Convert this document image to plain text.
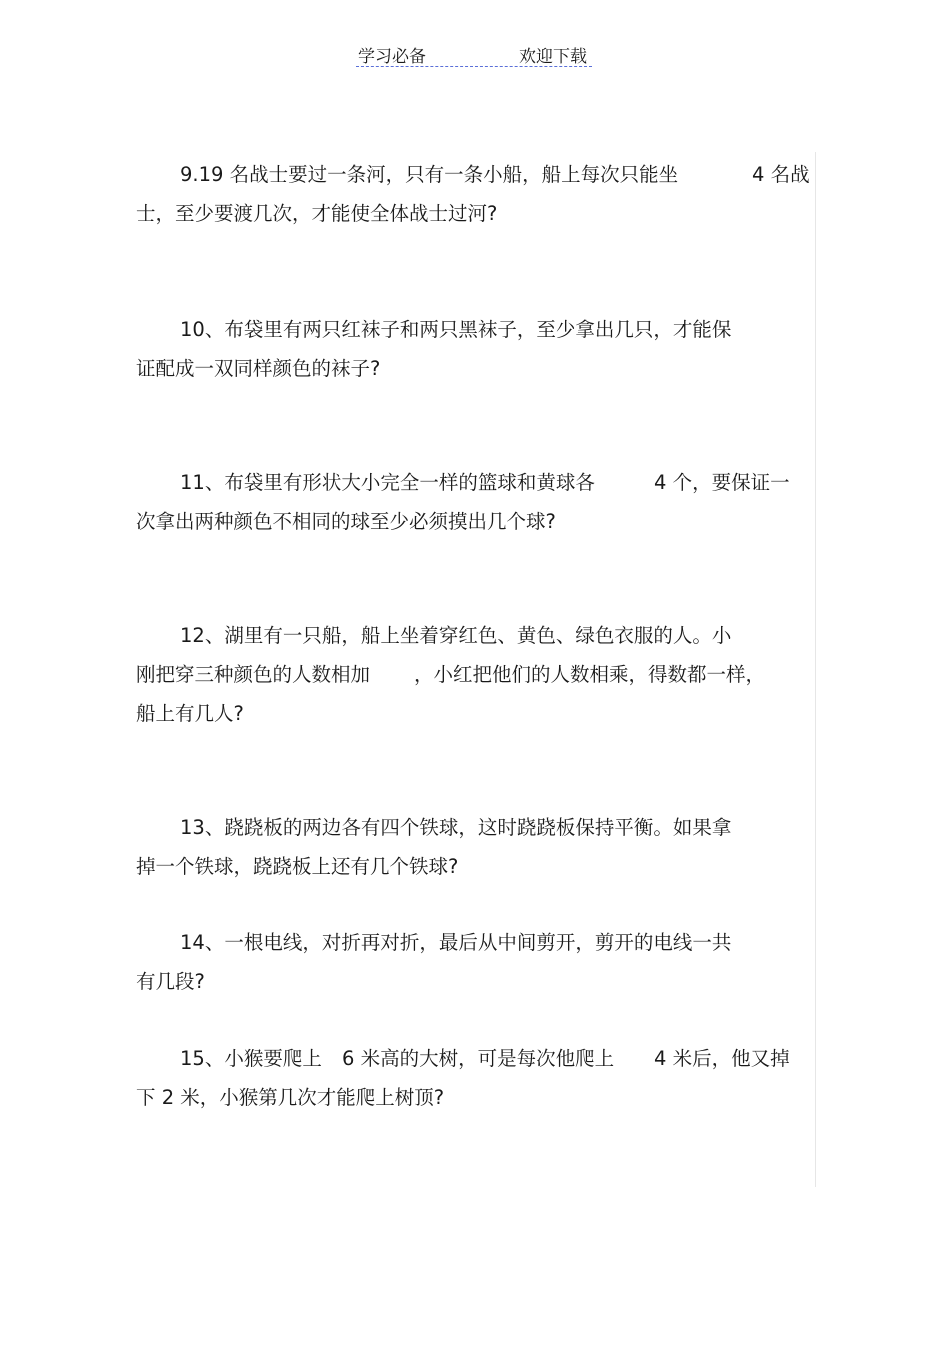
学习必备	欢迎下载
9.19 名战士要过一条河，只有一条小船，船上每次只能坐	4 名战
士，至少要渡几次，才能使全体战士过河?
10、布袋里有两只红袜子和两只黑袜子，至少拿出几只，才能保
证配成一双同样颜色的袜子?
11、布袋里有形状大小完全一样的篮球和黄球各	4 个，要保证一
次拿出两种颜色不相同的球至少必须摸出几个球?
12、湖里有一只船，船上坐着穿红色、黄色、绿色衣服的人。小
刚把穿三种颜色的人数相加 ，小红把他们的人数相乘，得数都一样，
船上有几人?
13、跷跷板的两边各有四个铁球，这时跷跷板保持平衡。如果拿
掉一个铁球，跷跷板上还有几个铁球?
14、一根电线，对折再对折，最后从中间剪开，剪开的电线一共
有几段?
15、小猴要爬上 6 米高的大树，可是每次他爬上 4 米后，他又掉
下 2 米，小猴第几次才能爬上树顶?
